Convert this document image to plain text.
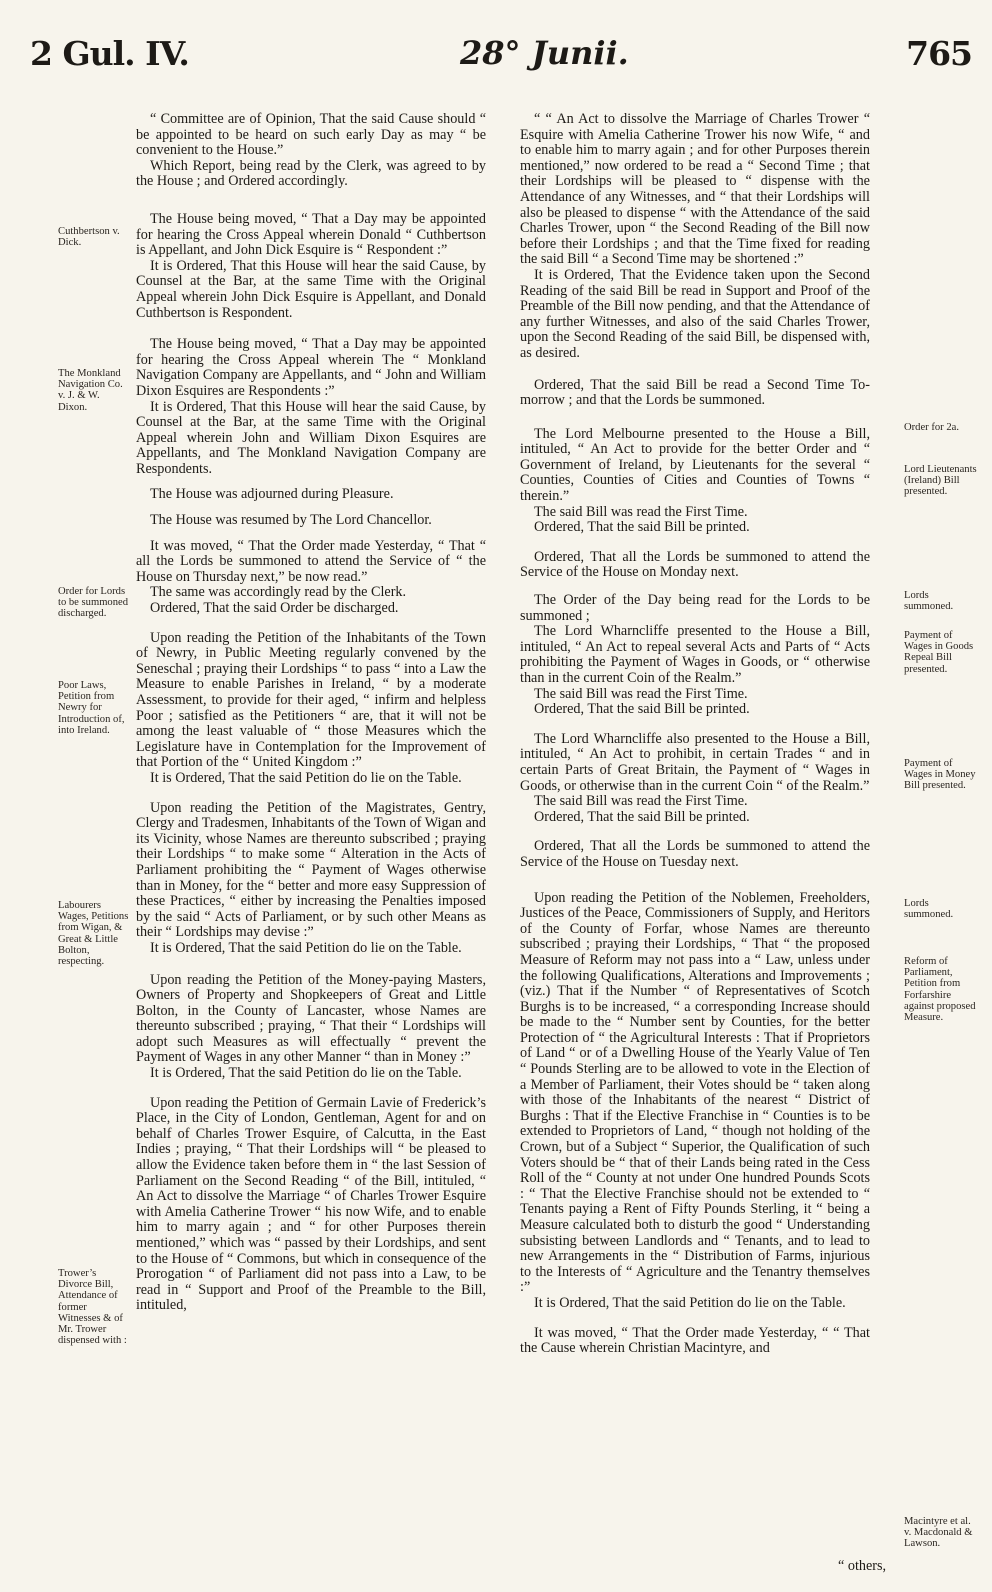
2 Gul. IV.	28° Junii.	765

“ Committee are of Opinion, That the said Cause should “ be appointed to be heard on such early Day as may “ be convenient to the House.”

Which Report, being read by the Clerk, was agreed to by the House ; and Ordered accordingly.

The House being moved, “ That a Day may be appointed for hearing the Cross Appeal wherein Donald “ Cuthbertson is Appellant, and John Dick Esquire is “ Respondent :”

It is Ordered, That this House will hear the said Cause, by Counsel at the Bar, at the same Time with the Original Appeal wherein John Dick Esquire is Appellant, and Donald Cuthbertson is Respondent.

The House being moved, “ That a Day may be appointed for hearing the Cross Appeal wherein The “ Monkland Navigation Company are Appellants, and “ John and William Dixon Esquires are Respondents :”

It is Ordered, That this House will hear the said Cause, by Counsel at the Bar, at the same Time with the Original Appeal wherein John and William Dixon Esquires are Appellants, and The Monkland Navigation Company are Respondents.

The House was adjourned during Pleasure.

The House was resumed by The Lord Chancellor.

It was moved, “ That the Order made Yesterday, “ That “ all the Lords be summoned to attend the Service of “ the House on Thursday next,” be now read.”

The same was accordingly read by the Clerk.

Ordered, That the said Order be discharged.

Upon reading the Petition of the Inhabitants of the Town of Newry, in Public Meeting regularly convened by the Seneschal ; praying their Lordships “ to pass “ into a Law the Measure to enable Parishes in Ireland, “ by a moderate Assessment, to provide for their aged, “ infirm and helpless Poor ; satisfied as the Petitioners “ are, that it will not be among the least valuable of “ those Measures which the Legislature have in Contemplation for the Improvement of that Portion of the “ United Kingdom :”

It is Ordered, That the said Petition do lie on the Table.

Upon reading the Petition of the Magistrates, Gentry, Clergy and Tradesmen, Inhabitants of the Town of Wigan and its Vicinity, whose Names are thereunto subscribed ; praying their Lordships “ to make some “ Alteration in the Acts of Parliament prohibiting the “ Payment of Wages otherwise than in Money, for the “ better and more easy Suppression of these Practices, “ either by increasing the Penalties imposed by the said “ Acts of Parliament, or by such other Means as their “ Lordships may devise :”

It is Ordered, That the said Petition do lie on the Table.

Upon reading the Petition of the Money-paying Masters, Owners of Property and Shopkeepers of Great and Little Bolton, in the County of Lancaster, whose Names are thereunto subscribed ; praying, “ That their “ Lordships will adopt such Measures as will effectually “ prevent the Payment of Wages in any other Manner “ than in Money :”

It is Ordered, That the said Petition do lie on the Table.

Upon reading the Petition of Germain Lavie of Frederick’s Place, in the City of London, Gentleman, Agent for and on behalf of Charles Trower Esquire, of Calcutta, in the East Indies ; praying, “ That their Lordships will “ be pleased to allow the Evidence taken before them in “ the last Session of Parliament on the Second Reading “ of the Bill, intituled, “ An Act to dissolve the Marriage “ of Charles Trower Esquire with Amelia Catherine Trower “ his now Wife, and to enable him to marry again ; and “ for other Purposes therein mentioned,” which was “ passed by their Lordships, and sent to the House of “ Commons, but which in consequence of the Prorogation “ of Parliament did not pass into a Law, to be read in “ Support and Proof of the Preamble to the Bill, intituled,

“ “ An Act to dissolve the Marriage of Charles Trower “ Esquire with Amelia Catherine Trower his now Wife, “ and to enable him to marry again ; and for other Purposes therein mentioned,” now ordered to be read a “ Second Time ; that their Lordships will be pleased to “ dispense with the Attendance of any Witnesses, and “ that their Lordships will also be pleased to dispense “ with the Attendance of the said Charles Trower, upon “ the Second Reading of the Bill now before their Lordships ; and that the Time fixed for reading the said Bill “ a Second Time may be shortened :”

It is Ordered, That the Evidence taken upon the Second Reading of the said Bill be read in Support and Proof of the Preamble of the Bill now pending, and that the Attendance of any further Witnesses, and also of the said Charles Trower, upon the Second Reading of the said Bill, be dispensed with, as desired.

Ordered, That the said Bill be read a Second Time To-morrow ; and that the Lords be summoned.

The Lord Melbourne presented to the House a Bill, intituled, “ An Act to provide for the better Order and “ Government of Ireland, by Lieutenants for the several “ Counties, Counties of Cities and Counties of Towns “ therein.”

The said Bill was read the First Time.

Ordered, That the said Bill be printed.

Ordered, That all the Lords be summoned to attend the Service of the House on Monday next.

The Order of the Day being read for the Lords to be summoned ;

The Lord Wharncliffe presented to the House a Bill, intituled, “ An Act to repeal several Acts and Parts of “ Acts prohibiting the Payment of Wages in Goods, or “ otherwise than in the current Coin of the Realm.”

The said Bill was read the First Time.

Ordered, That the said Bill be printed.

The Lord Wharncliffe also presented to the House a Bill, intituled, “ An Act to prohibit, in certain Trades “ and in certain Parts of Great Britain, the Payment of “ Wages in Goods, or otherwise than in the current Coin “ of the Realm.”

The said Bill was read the First Time.

Ordered, That the said Bill be printed.

Ordered, That all the Lords be summoned to attend the Service of the House on Tuesday next.

Upon reading the Petition of the Noblemen, Freeholders, Justices of the Peace, Commissioners of Supply, and Heritors of the County of Forfar, whose Names are thereunto subscribed ; praying their Lordships, “ That “ the proposed Measure of Reform may not pass into a “ Law, unless under the following Qualifications, Alterations and Improvements ; (viz.) That if the Number “ of Representatives of Scotch Burghs is to be increased, “ a corresponding Increase should be made to the “ Number sent by Counties, for the better Protection of “ the Agricultural Interests : That if Proprietors of Land “ or of a Dwelling House of the Yearly Value of Ten “ Pounds Sterling are to be allowed to vote in the Election of a Member of Parliament, their Votes should be “ taken along with those of the Inhabitants of the nearest “ District of Burghs : That if the Elective Franchise in “ Counties is to be extended to Proprietors of Land, “ though not holding of the Crown, but of a Subject “ Superior, the Qualification of such Voters should be “ that of their Lands being rated in the Cess Roll of the “ County at not under One hundred Pounds Scots : “ That the Elective Franchise should not be extended to “ Tenants paying a Rent of Fifty Pounds Sterling, it “ being a Measure calculated both to disturb the good “ Understanding subsisting between Landlords and “ Tenants, and to lead to new Arrangements in the “ Distribution of Farms, injurious to the Interests of “ Agriculture and the Tenantry themselves :”

It is Ordered, That the said Petition do lie on the Table.

It was moved, “ That the Order made Yesterday, “ “ That the Cause wherein Christian Macintyre, and

“ others,
Cuthbertson v. Dick.
The Monkland Navigation Co. v. J. & W. Dixon.
Order for Lords to be summoned discharged.
Poor Laws, Petition from Newry for Introduction of, into Ireland.
Labourers Wages, Petitions from Wigan, & Great & Little Bolton, respecting.
Trower’s Divorce Bill, Attendance of former Witnesses & of Mr. Trower dispensed with :
Order for 2a.
Lord Lieutenants (Ireland) Bill presented.
Lords summoned.
Payment of Wages in Goods Repeal Bill presented.
Payment of Wages in Money Bill presented.
Lords summoned.
Reform of Parliament, Petition from Forfarshire against proposed Measure.
Macintyre et al. v. Macdonald & Lawson.
